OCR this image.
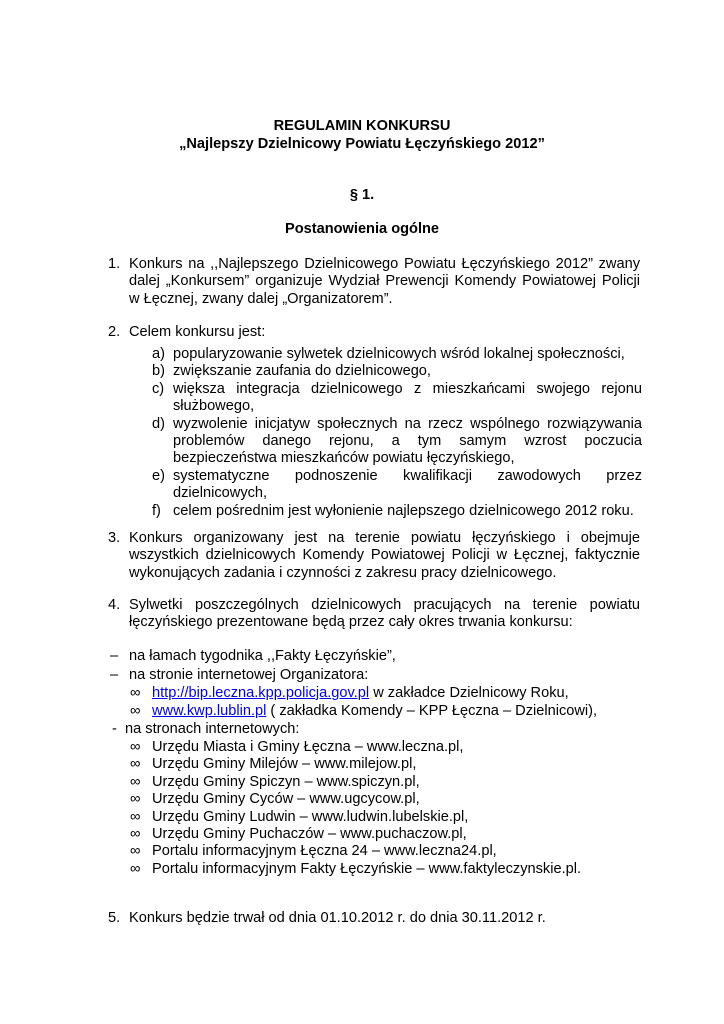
REGULAMIN KONKURSU
„Najlepszy Dzielnicowy Powiatu Łęczyńskiego 2012”
§ 1.
Postanowienia ogólne
1. Konkurs na ,,Najlepszego Dzielnicowego Powiatu Łęczyńskiego 2012” zwany
dalej „Konkursem” organizuje Wydział Prewencji Komendy Powiatowej Policji
w Łęcznej, zwany dalej „Organizatorem”.
2. Celem konkursu jest:
a) popularyzowanie sylwetek dzielnicowych wśród lokalnej społeczności,
b) zwiększanie zaufania do dzielnicowego,
c) większa integracja dzielnicowego z mieszkańcami swojego rejonu
służbowego,
d) wyzwolenie inicjatyw społecznych na rzecz wspólnego rozwiązywania
problemów danego rejonu, a tym samym wzrost poczucia
bezpieczeństwa mieszkańców powiatu łęczyńskiego,
e) systematyczne podnoszenie kwalifikacji zawodowych przez
dzielnicowych,
f) celem pośrednim jest wyłonienie najlepszego dzielnicowego 2012 roku.
3. Konkurs organizowany jest na terenie powiatu łęczyńskiego i obejmuje
wszystkich dzielnicowych Komendy Powiatowej Policji w Łęcznej, faktycznie
wykonujących zadania i czynności z zakresu pracy dzielnicowego.
4. Sylwetki poszczególnych dzielnicowych pracujących na terenie powiatu
łęczyńskiego prezentowane będą przez cały okres trwania konkursu:
– na łamach tygodnika ,,Fakty Łęczyńskie”,
– na stronie internetowej Organizatora:
∞ http://bip.leczna.kpp.policja.gov.pl w zakładce Dzielnicowy Roku,
∞ www.kwp.lublin.pl ( zakładka Komendy – KPP Łęczna – Dzielnicowi),
- na stronach internetowych:
∞ Urzędu Miasta i Gminy Łęczna – www.leczna.pl,
∞ Urzędu Gminy Milejów – www.milejow.pl,
∞ Urzędu Gminy Spiczyn – www.spiczyn.pl,
∞ Urzędu Gminy Cyców – www.ugcycow.pl,
∞ Urzędu Gminy Ludwin – www.ludwin.lubelskie.pl,
∞ Urzędu Gminy Puchaczów – www.puchaczow.pl,
∞ Portalu informacyjnym Łęczna 24 – www.leczna24.pl,
∞ Portalu informacyjnym Fakty Łęczyńskie – www.faktyleczynskie.pl.
5. Konkurs będzie trwał od dnia 01.10.2012 r. do dnia 30.11.2012 r.
